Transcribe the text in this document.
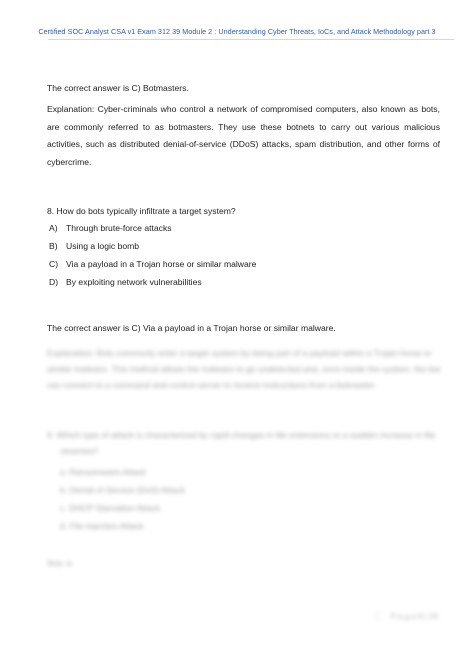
Certified SOC Analyst CSA v1 Exam 312 39 Module 2 : Understanding Cyber Threats, IoCs, and Attack Methodology part 3
The correct answer is C) Botmasters.
Explanation: Cyber-criminals who control a network of compromised computers, also known as bots, are commonly referred to as botmasters. They use these botnets to carry out various malicious activities, such as distributed denial-of-service (DDoS) attacks, spam distribution, and other forms of cybercrime.
8. How do bots typically infiltrate a target system?
A) Through brute-force attacks
B) Using a logic bomb
C) Via a payload in a Trojan horse or similar malware
D) By exploiting network vulnerabilities
The correct answer is C) Via a payload in a Trojan horse or similar malware.
Explanation: Bots commonly enter a target system by being part of a payload within a Trojan horse or
similar malware. This method allows the malware to go undetected and, once inside the system, the bot
can connect to a command and control server to receive instructions from a botmaster.
9. Which type of attack is characterized by rapid changes in file extensions or a sudden increase in file
renames?
a. Ransomware Attack
b. Denial of Service (DoS) Attack
c. DHCP Starvation Attack
d. File Injection Attack
Ans: a
P a g e 8 | 24
